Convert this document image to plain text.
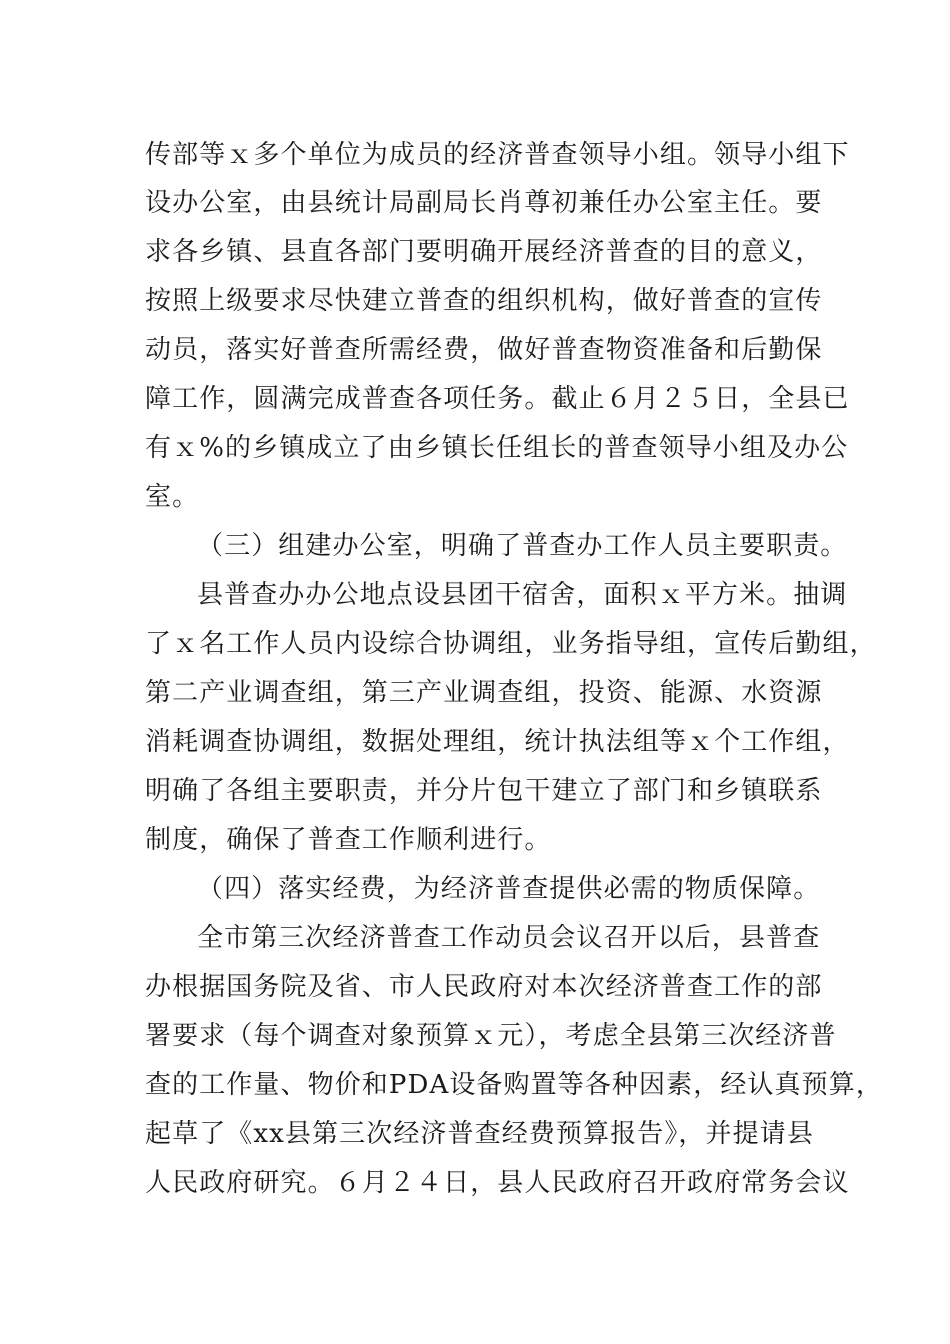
传部等ｘ多个单位为成员的经济普查领导小组。领导小组下
设办公室，由县统计局副局长肖尊初兼任办公室主任。要
求各乡镇、县直各部门要明确开展经济普查的目的意义，
按照上级要求尽快建立普查的组织机构，做好普查的宣传
动员，落实好普查所需经费，做好普查物资准备和后勤保
障工作，圆满完成普查各项任务。截止６月２５日，全县已
有ｘ%的乡镇成立了由乡镇长任组长的普查领导小组及办公
室。
（三）组建办公室，明确了普查办工作人员主要职责。
县普查办办公地点设县团干宿舍，面积ｘ平方米。抽调
了ｘ名工作人员内设综合协调组，业务指导组，宣传后勤组，
第二产业调查组，第三产业调查组，投资、能源、水资源
消耗调查协调组，数据处理组，统计执法组等ｘ个工作组，
明确了各组主要职责，并分片包干建立了部门和乡镇联系
制度，确保了普查工作顺利进行。
（四）落实经费，为经济普查提供必需的物质保障。
全市第三次经济普查工作动员会议召开以后，县普查
办根据国务院及省、市人民政府对本次经济普查工作的部
署要求（每个调查对象预算ｘ元），考虑全县第三次经济普
查的工作量、物价和PDA设备购置等各种因素，经认真预算，
起草了《xx县第三次经济普查经费预算报告》，并提请县
人民政府研究。６月２４日，县人民政府召开政府常务会议
